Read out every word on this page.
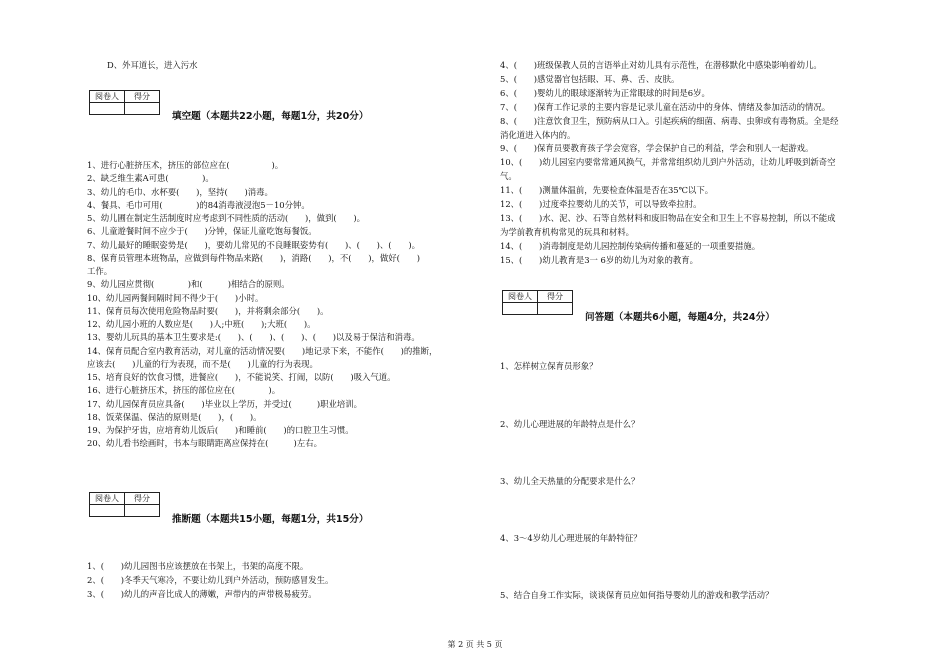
D、外耳道长，进入污水
阅卷人	得分

填空题（本题共22小题，每题1分，共20分）
1、进行心脏挤压术，挤压的部位应在(　　　　　)。
2、缺乏维生素A可患(　　　　)。
3、幼儿的毛巾、水杯要(　　)，坚持(　　)消毒。
4、餐具、毛巾可用(　　　　)的84消毒液浸泡5－10分钟。
5、幼儿圃在制定生活制度时应考虑到不同性质的活动(　　)，做到(　　)。
6、儿童遊餐时间不应少于(　　)分钟，保证儿童吃饱每餐饭。
7、幼儿最好的睡眠姿势是(　　)，要幼儿常见的不良睡眠姿势有(　　)、(　　)、(　　)。
8、保育员管理本班物品，应做到每件物品来路(　　)，消路(　　)，不(　　)，做好(　　)
工作。
9、幼儿园应贯彻(　　　　)和(　　　)相结合的原则。
10、幼儿园两餐间隔时间不得少于(　　)小时。
11、保育员每次使用危险物品时要(　　)，并将剩余部分(　　)。
12、幼儿园小班的人数应是(　　)人;中班(　　);大班(　　)。
13、婴幼儿玩具的基本卫生要求是:(　　)、(　　)、(　　)、(　　)以及易于保洁和消毒。
14、保育员配合室内教育活动，对儿童的活动情况要(　　)地记录下来，不能作(　　)的推断，
应该去(　　)儿童的行为表现，而不是(　　)儿童的行为表现。
15、培育良好的饮食习惯，进餐应(　　)，不能说笑、打闹，以防(　　)吸入气道。
16、进行心脏挤压术，挤压的部位应在(　　　　)。
17、幼儿园保育员应具备(　　)毕业以上学历，并受过(　　　)职业培训。
18、饭菜保温、保洁的原则是(　　)，(　　)。
19、为保护牙齿，应培育幼儿饭后(　　)和睡前(　　)的口腔卫生习惯。
20、幼儿看书绘画时，书本与眼睛距离应保持在(　　　)左右。
阅卷人	得分

推断题（本题共15小题，每题1分，共15分）
1、(　　)幼儿园图书应该摆放在书架上，书架的高度不限。
2、(　　)冬季天气寒冷，不要让幼儿到户外活动，预防感冒发生。
3、(　　)幼儿的声音比成人的薄嫩，声带内的声带极易疲劳。
4、(　　)班级保教人员的言语举止对幼儿具有示范性，在潜移默化中感染影响着幼儿。
5、(　　)感觉器官包括眼、耳、鼻、舌、皮肤。
6、(　　)婴幼儿的眼球逐渐转为正常眼球的时间是6岁。
7、(　　)保育工作记录的主要内容是记录儿童在活动中的身体、情绪及参加活动的情况。
8、(　　)注意饮食卫生，预防病从口入。引起疾病的细菌、病毒、虫卵或有毒物质。全是经
消化道进入体内的。
9、(　　)保育员要教育孩子学会宽容，学会保护自己的利益，学会和别人一起游戏。
10、(　　)幼儿园室内要常常通风换气，并常常组织幼儿到户外活动，让幼儿呼吸到新奇空
气。
11、(　　)测量体温前，先要检查体温是否在35℃以下。
12、(　　)过度牵拉婴幼儿的关节，可以导致牵拉肘。
13、(　　)水、泥、沙、石等自然材料和废旧物品在安全和卫生上不容易控制，所以不能成
为学前教育机构常见的玩具和材料。
14、(　　)消毒制度是幼儿园控制传染病传播和蔓延的一项重要措施。
15、(　　)幼儿教育是3一 6岁的幼儿为对象的教育。
阅卷人	得分

问答题（本题共6小题，每题4分，共24分）
1、怎样树立保育员形象？
2、幼儿心理进展的年龄特点是什么？
3、幼儿全天热量的分配要求是什么？
4、3～4岁幼儿心理进展的年龄特征？
5、结合自身工作实际，谈谈保育员应如何指导婴幼儿的游戏和教学活动？
第 2 页 共 5 页
